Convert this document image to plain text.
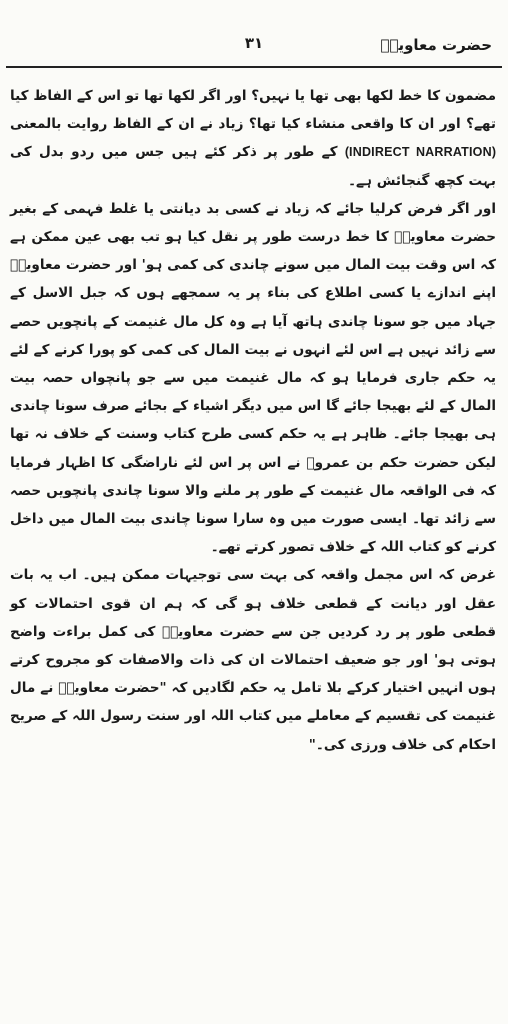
حضرت معاویہؓ
۳۱

مضمون کا خط لکھا بھی تھا یا نہیں؟ اور اگر لکھا تھا تو اس کے الفاظ کیا تھے؟ اور ان کا واقعی منشاء کیا تھا؟ زیاد نے ان کے الفاظ روایت بالمعنی (INDIRECT NARRATION) کے طور پر ذکر کئے ہیں جس میں ردو بدل کی بہت کچھ گنجائش ہے۔

اور اگر فرض کرلیا جائے کہ زیاد نے کسی بد دیانتی یا غلط فہمی کے بغیر حضرت معاویہؓ کا خط درست طور پر نقل کیا ہو تب بھی عین ممکن ہے کہ اس وقت بیت المال میں سونے چاندی کی کمی ہو' اور حضرت معاویہؓ اپنے اندازے یا کسی اطلاع کی بناء پر یہ سمجھے ہوں کہ جبل الاسل کے جہاد میں جو سونا چاندی ہاتھ آیا ہے وہ کل مال غنیمت کے پانچویں حصے سے زائد نہیں ہے اس لئے انہوں نے بیت المال کی کمی کو پورا کرنے کے لئے یہ حکم جاری فرمایا ہو کہ مال غنیمت میں سے جو پانچواں حصہ بیت المال کے لئے بھیجا جائے گا اس میں دیگر اشیاء کے بجائے صرف سونا چاندی ہی بھیجا جائے۔ ظاہر ہے یہ حکم کسی طرح کتاب وسنت کے خلاف نہ تھا لیکن حضرت حکم بن عمروؓ نے اس پر اس لئے ناراضگی کا اظہار فرمایا کہ فی الواقعہ مال غنیمت کے طور پر ملنے والا سونا چاندی پانچویں حصہ سے زائد تھا۔ ایسی صورت میں وہ سارا سونا چاندی بیت المال میں داخل کرنے کو کتاب اللہ کے خلاف تصور کرتے تھے۔

غرض کہ اس مجمل واقعہ کی بہت سی توجیہات ممکن ہیں۔ اب یہ بات عقل اور دیانت کے قطعی خلاف ہو گی کہ ہم ان قوی احتمالات کو قطعی طور پر رد کردیں جن سے حضرت معاویہؓ کی کمل براءت واضح ہوتی ہو' اور جو ضعیف احتمالات ان کی ذات والاصفات کو مجروح کرتے ہوں انہیں اختیار کرکے بلا تامل یہ حکم لگادیں کہ "حضرت معاویہؓ نے مال غنیمت کی تقسیم کے معاملے میں کتاب اللہ اور سنت رسول اللہ کے صریح احکام کی خلاف ورزی کی۔"
